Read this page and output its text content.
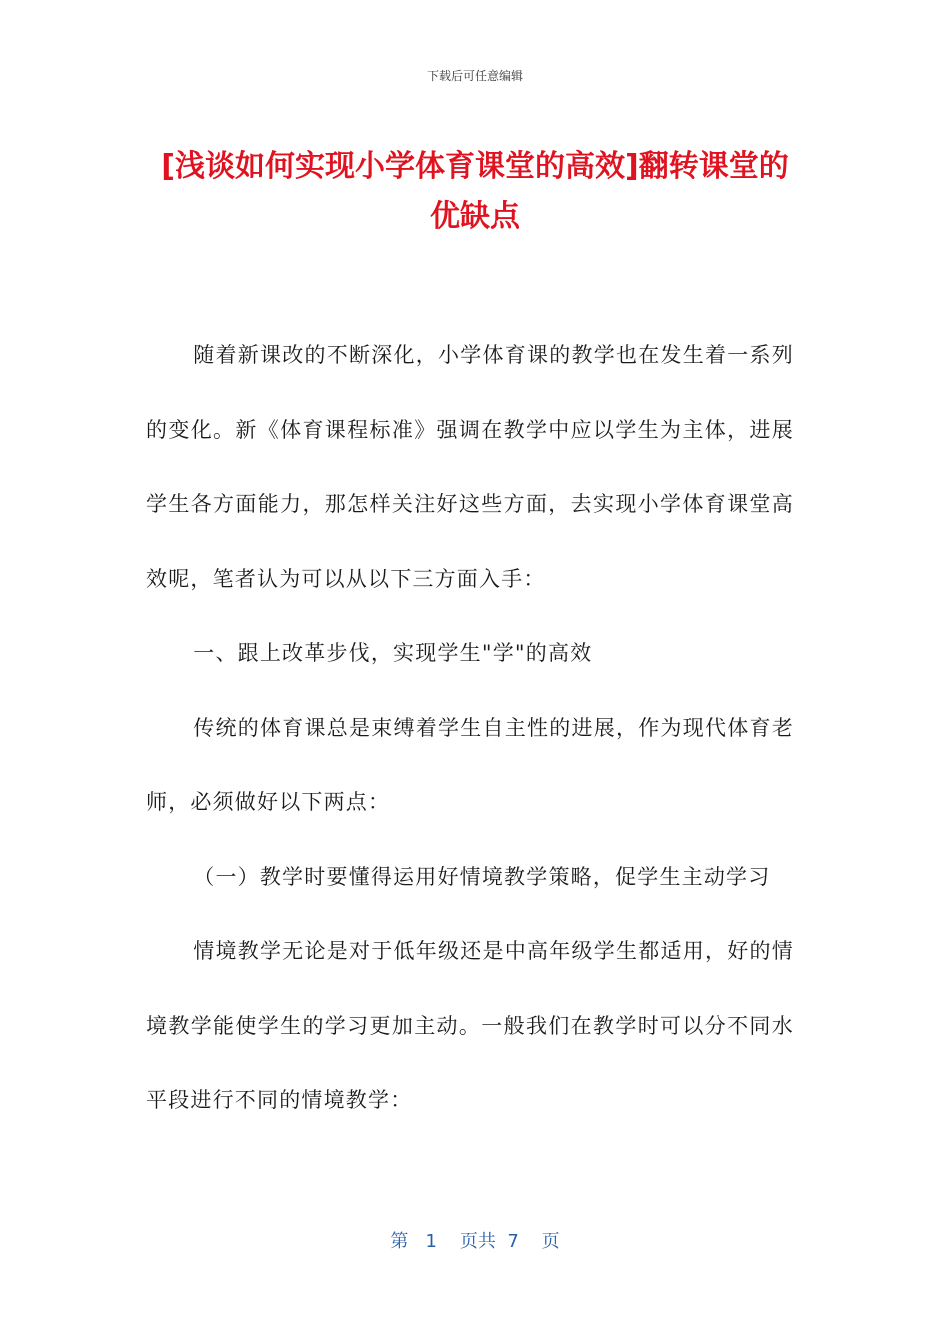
下载后可任意编辑
[浅谈如何实现小学体育课堂的高效]翻转课堂的优缺点

随着新课改的不断深化，小学体育课的教学也在发生着一系列的变化。新《体育课程标准》强调在教学中应以学生为主体，进展学生各方面能力，那怎样关注好这些方面，去实现小学体育课堂高效呢，笔者认为可以从以下三方面入手：

一、跟上改革步伐，实现学生"学"的高效

传统的体育课总是束缚着学生自主性的进展，作为现代体育老师，必须做好以下两点：

（一）教学时要懂得运用好情境教学策略，促学生主动学习

情境教学无论是对于低年级还是中高年级学生都适用，好的情境教学能使学生的学习更加主动。一般我们在教学时可以分不同水平段进行不同的情境教学：

第 1 页共 7 页
